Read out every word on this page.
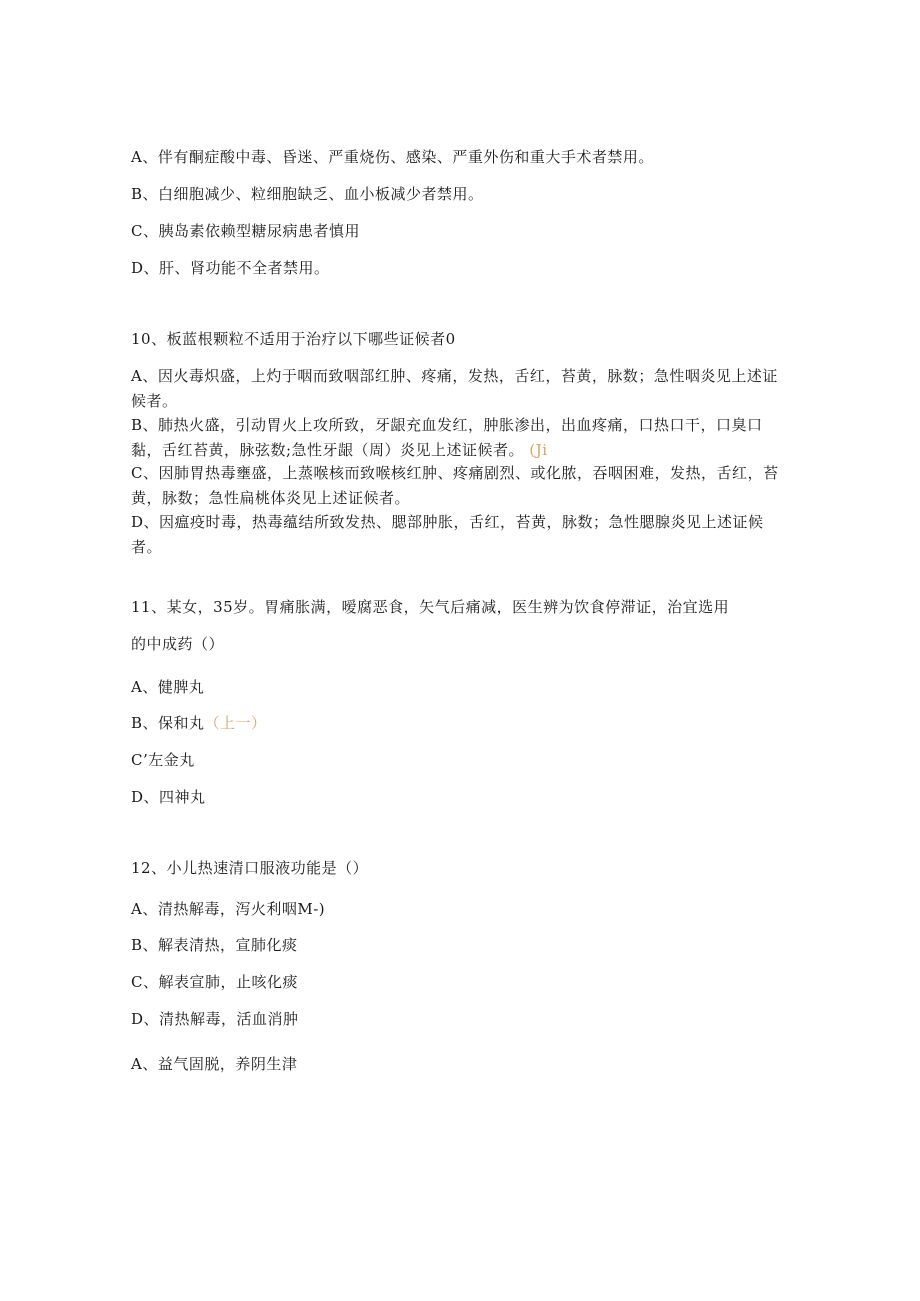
A、伴有酮症酸中毒、昏迷、严重烧伤、感染、严重外伤和重大手术者禁用。
B、白细胞减少、粒细胞缺乏、血小板减少者禁用。
C、胰岛素依赖型糖尿病患者慎用
D、肝、肾功能不全者禁用。
10、板蓝根颗粒不适用于治疗以下哪些证候者0
A、因火毒炽盛，上灼于咽而致咽部红肿、疼痛，发热，舌红，苔黄，脉数；急性咽炎见上述证候者。
B、肺热火盛，引动胃火上攻所致，牙龈充血发红，肿胀渗出，出血疼痛，口热口干，口臭口黏，舌红苔黄，脉弦数;急性牙龈（周）炎见上述证候者。 (Ji
C、因肺胃热毒壅盛，上蒸喉核而致喉核红肿、疼痛剧烈、或化脓，吞咽困难，发热，舌红，苔黄，脉数；急性扁桃体炎见上述证候者。
D、因瘟疫时毒，热毒蕴结所致发热、腮部肿胀，舌红，苔黄，脉数；急性腮腺炎见上述证候者。
11、某女，35岁。胃痛胀满，嗳腐恶食，矢气后痛减，医生辨为饮食停滞证，治宜选用
的中成药（）
A、健脾丸
B、保和丸（上一）
C’左金丸
D、四神丸
12、小儿热速清口服液功能是（）
A、清热解毒，泻火利咽M-)
B、解表清热，宣肺化痰
C、解表宣肺，止咳化痰
D、清热解毒，活血消肿
A、益气固脱，养阴生津
